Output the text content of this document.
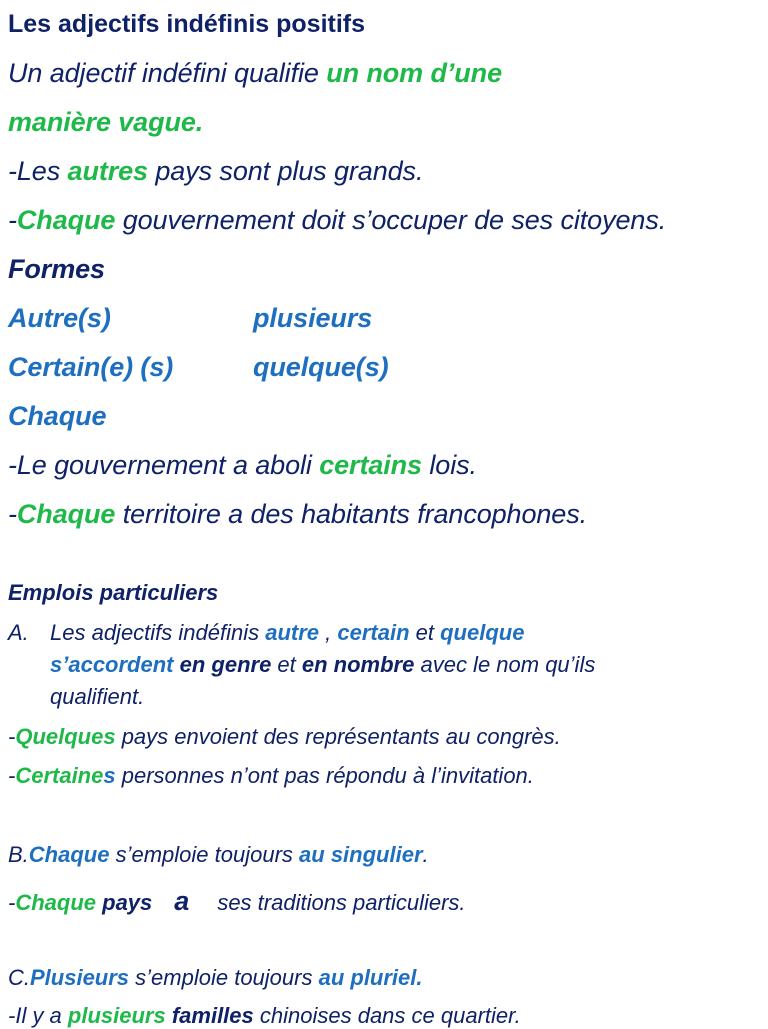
Les adjectifs indéfinis positifs
Un adjectif indéfini qualifie un nom d’une
manière vague.
-Les autres pays sont plus grands.
-Chaque gouvernement doit s’occuper de ses citoyens.
Formes
Autre(s)	plusieurs
Certain(e) (s)	quelque(s)
Chaque
-Le gouvernement a aboli certains lois.
-Chaque territoire a des habitants francophones.
Emplois particuliers
A. Les adjectifs indéfinis autre , certain et quelque
s’accordent en genre et en nombre avec le nom qu’ils
qualifient.
-Quelques pays envoient des représentants au congrès.
-Certaines personnes n’ont pas répondu à l’invitation.
B.Chaque s’emploie toujours au singulier.
-Chaque pays a ses traditions particuliers.
C.Plusieurs s’emploie toujours au pluriel.
-Il y a plusieurs familles chinoises dans ce quartier.
